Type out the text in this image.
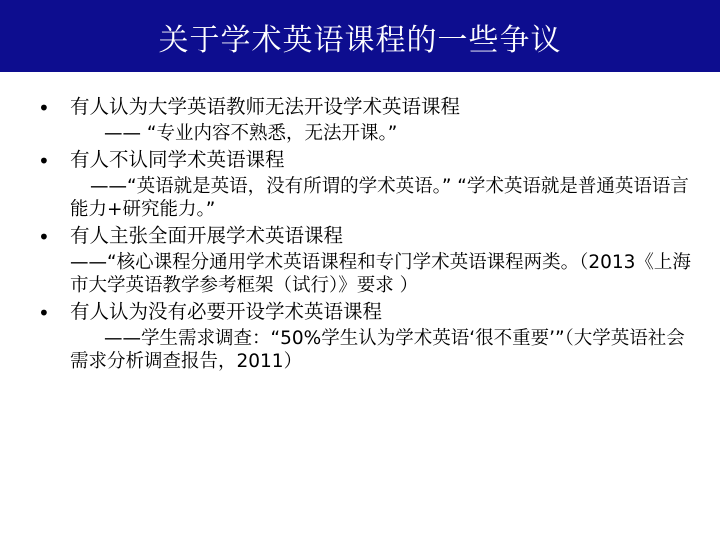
关于学术英语课程的一些争议
• 有人认为大学英语教师无法开设学术英语课程
—— “专业内容不熟悉，无法开课。”
• 有人不认同学术英语课程
——“英语就是英语，没有所谓的学术英语。” “学术英语就是普通英语语言能力+研究能力。”
• 有人主张全面开展学术英语课程
——“核心课程分通用学术英语课程和专门学术英语课程两类。（2013《上海市大学英语教学参考框架（试行）》要求 ）
• 有人认为没有必要开设学术英语课程
——学生需求调查：“50%学生认为学术英语‘很不重要’”（大学英语社会需求分析调查报告，2011）
